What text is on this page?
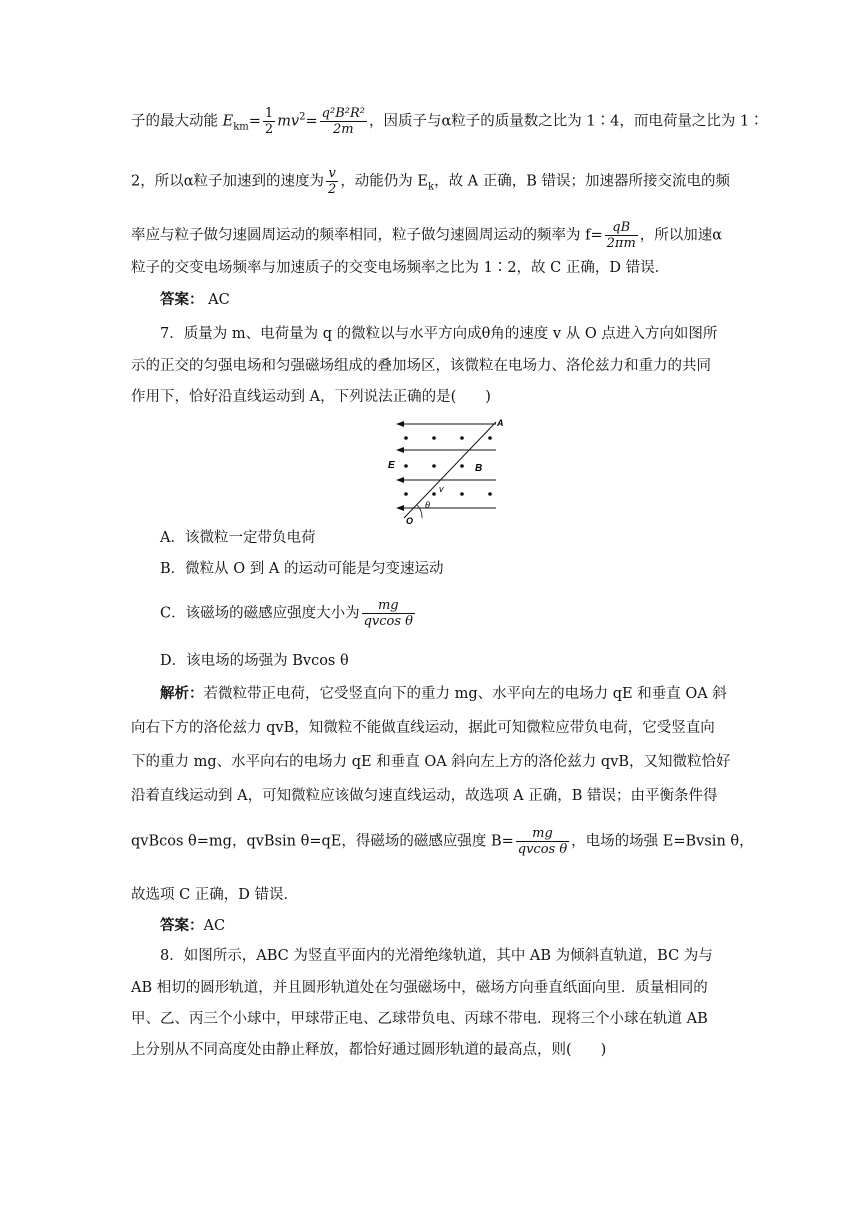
子的最大动能 $E_{km}= \frac{1}{2} mv^2= \frac{\text{q²B²R²}}{2m}$ ，因质子与α粒子的质量数之比为 1∶4，而电荷量之比为 1∶
2，所以α粒子加速到的速度为 $\frac{v}{2}$ ，动能仍为 $E_k$，故 A 正确，B 错误；加速器所接交流电的频
率应与粒子做匀速圆周运动的频率相同，粒子做匀速圆周运动的频率为 $f= \frac{qB}{2\pi m}$ ，所以加速α
粒子的交变电场频率与加速质子的交变电场频率之比为 1∶2，故 C 正确，D 错误．
答案： AC
7．质量为 m、电荷量为 q 的微粒以与水平方向成θ角的速度 v 从 O 点进入方向如图所
示的正交的匀强电场和匀强磁场组成的叠加场区，该微粒在电场力、洛伦兹力和重力的共同
作用下，恰好沿直线运动到 A，下列说法正确的是(　　)
A
E	B
v
θ
O
A．该微粒一定带负电荷
B．微粒从 O 到 A 的运动可能是匀变速运动
C．该磁场的磁感应强度大小为 $\frac{mg}{\text{qvcos θ}}$
D．该电场的场强为 Bvcos θ
解析：若微粒带正电荷，它受竖直向下的重力 mg、水平向左的电场力 qE 和垂直 OA 斜
向右下方的洛伦兹力 qvB，知微粒不能做直线运动，据此可知微粒应带负电荷，它受竖直向
下的重力 mg、水平向右的电场力 qE 和垂直 OA 斜向左上方的洛伦兹力 qvB，又知微粒恰好
沿着直线运动到 A，可知微粒应该做匀速直线运动，故选项 A 正确，B 错误；由平衡条件得
qvBcos θ=mg，qvBsin θ=qE，得磁场的磁感应强度 $B= \frac{mg}{\text{qvcos θ}}$ ，电场的场强 E=Bvsin θ，
故选项 C 正确，D 错误．
答案：AC
8．如图所示，ABC 为竖直平面内的光滑绝缘轨道，其中 AB 为倾斜直轨道，BC 为与
AB 相切的圆形轨道，并且圆形轨道处在匀强磁场中，磁场方向垂直纸面向里．质量相同的
甲、乙、丙三个小球中，甲球带正电、乙球带负电、丙球不带电．现将三个小球在轨道 AB
上分别从不同高度处由静止释放，都恰好通过圆形轨道的最高点，则(　　)
